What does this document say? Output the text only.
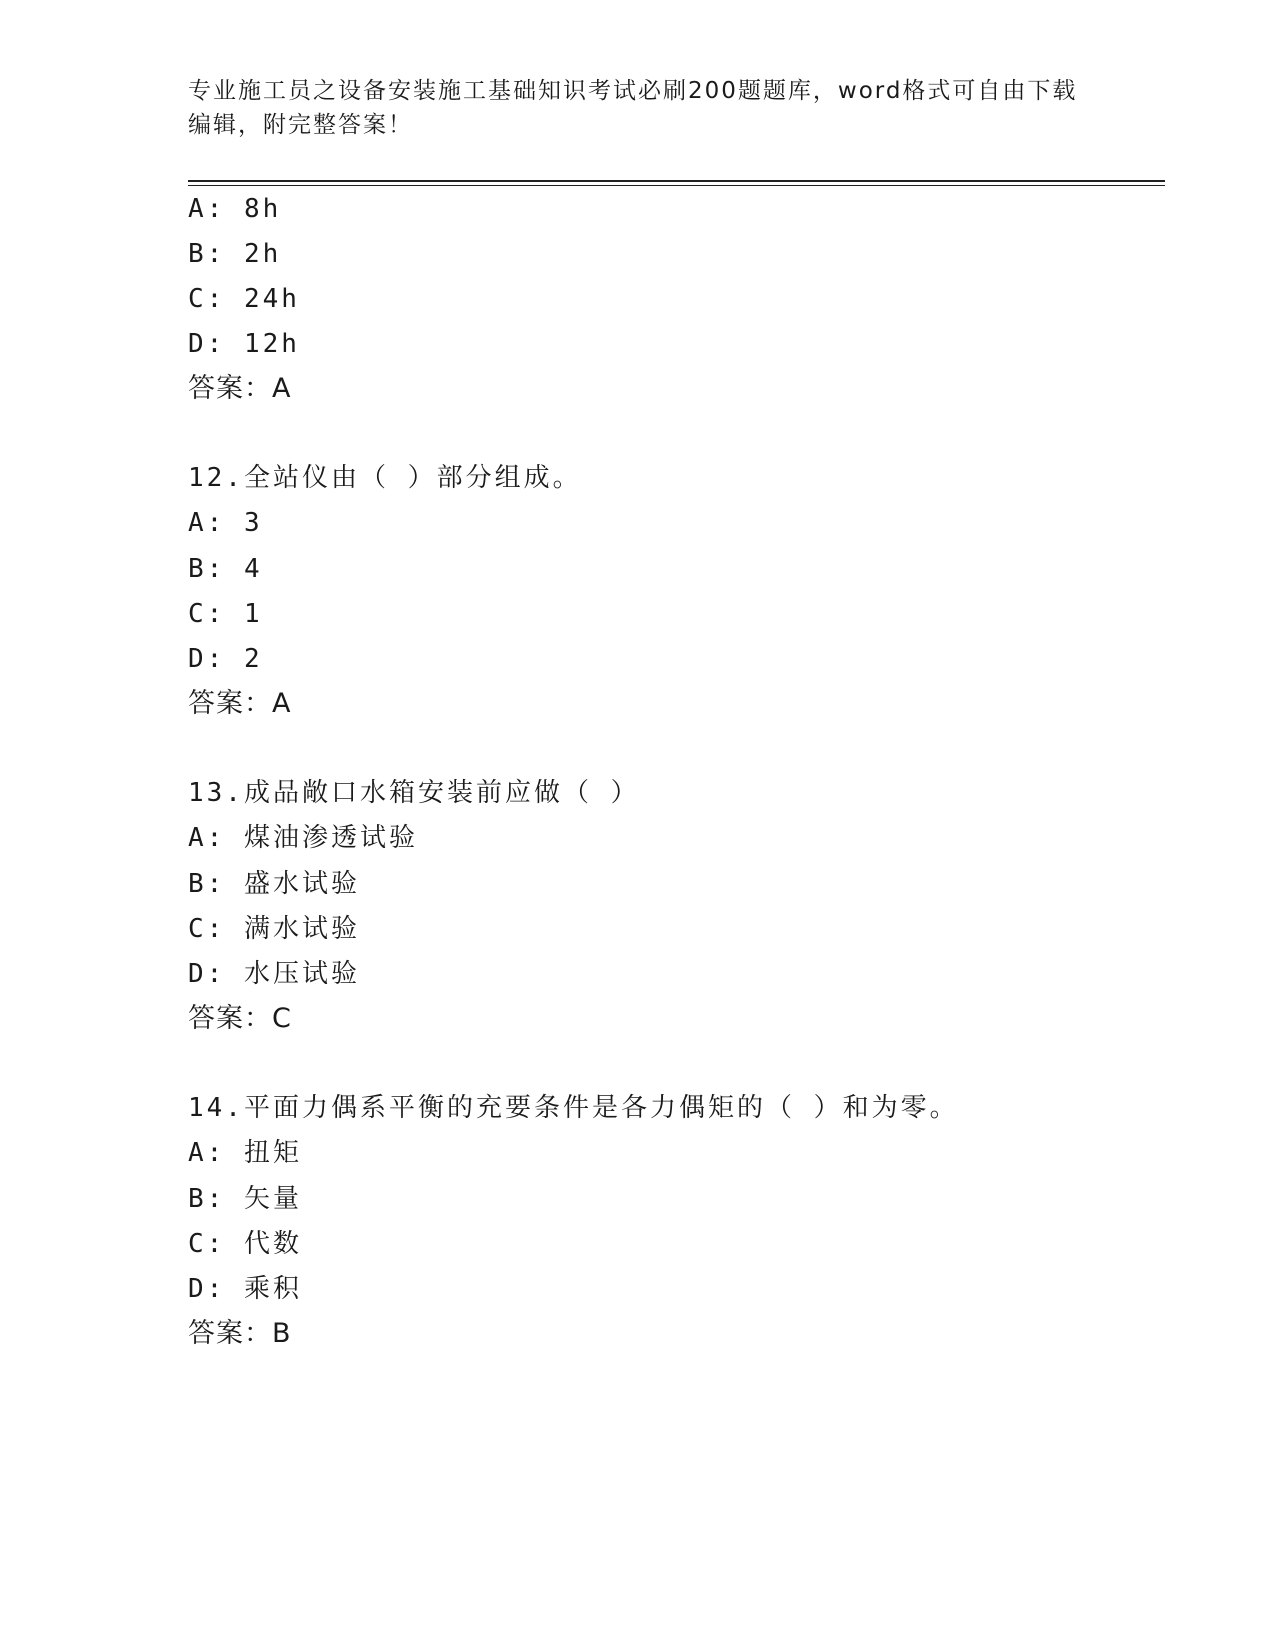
专业施工员之设备安装施工基础知识考试必刷200题题库，word格式可自由下载
编辑，附完整答案！
A: 8h
B: 2h
C: 24h
D: 12h
答案：A
12.全站仪由（ ）部分组成。
A: 3
B: 4
C: 1
D: 2
答案：A
13.成品敞口水箱安装前应做（ ）
A: 煤油渗透试验
B: 盛水试验
C: 满水试验
D: 水压试验
答案：C
14.平面力偶系平衡的充要条件是各力偶矩的（ ）和为零。
A: 扭矩
B: 矢量
C: 代数
D: 乘积
答案：B
